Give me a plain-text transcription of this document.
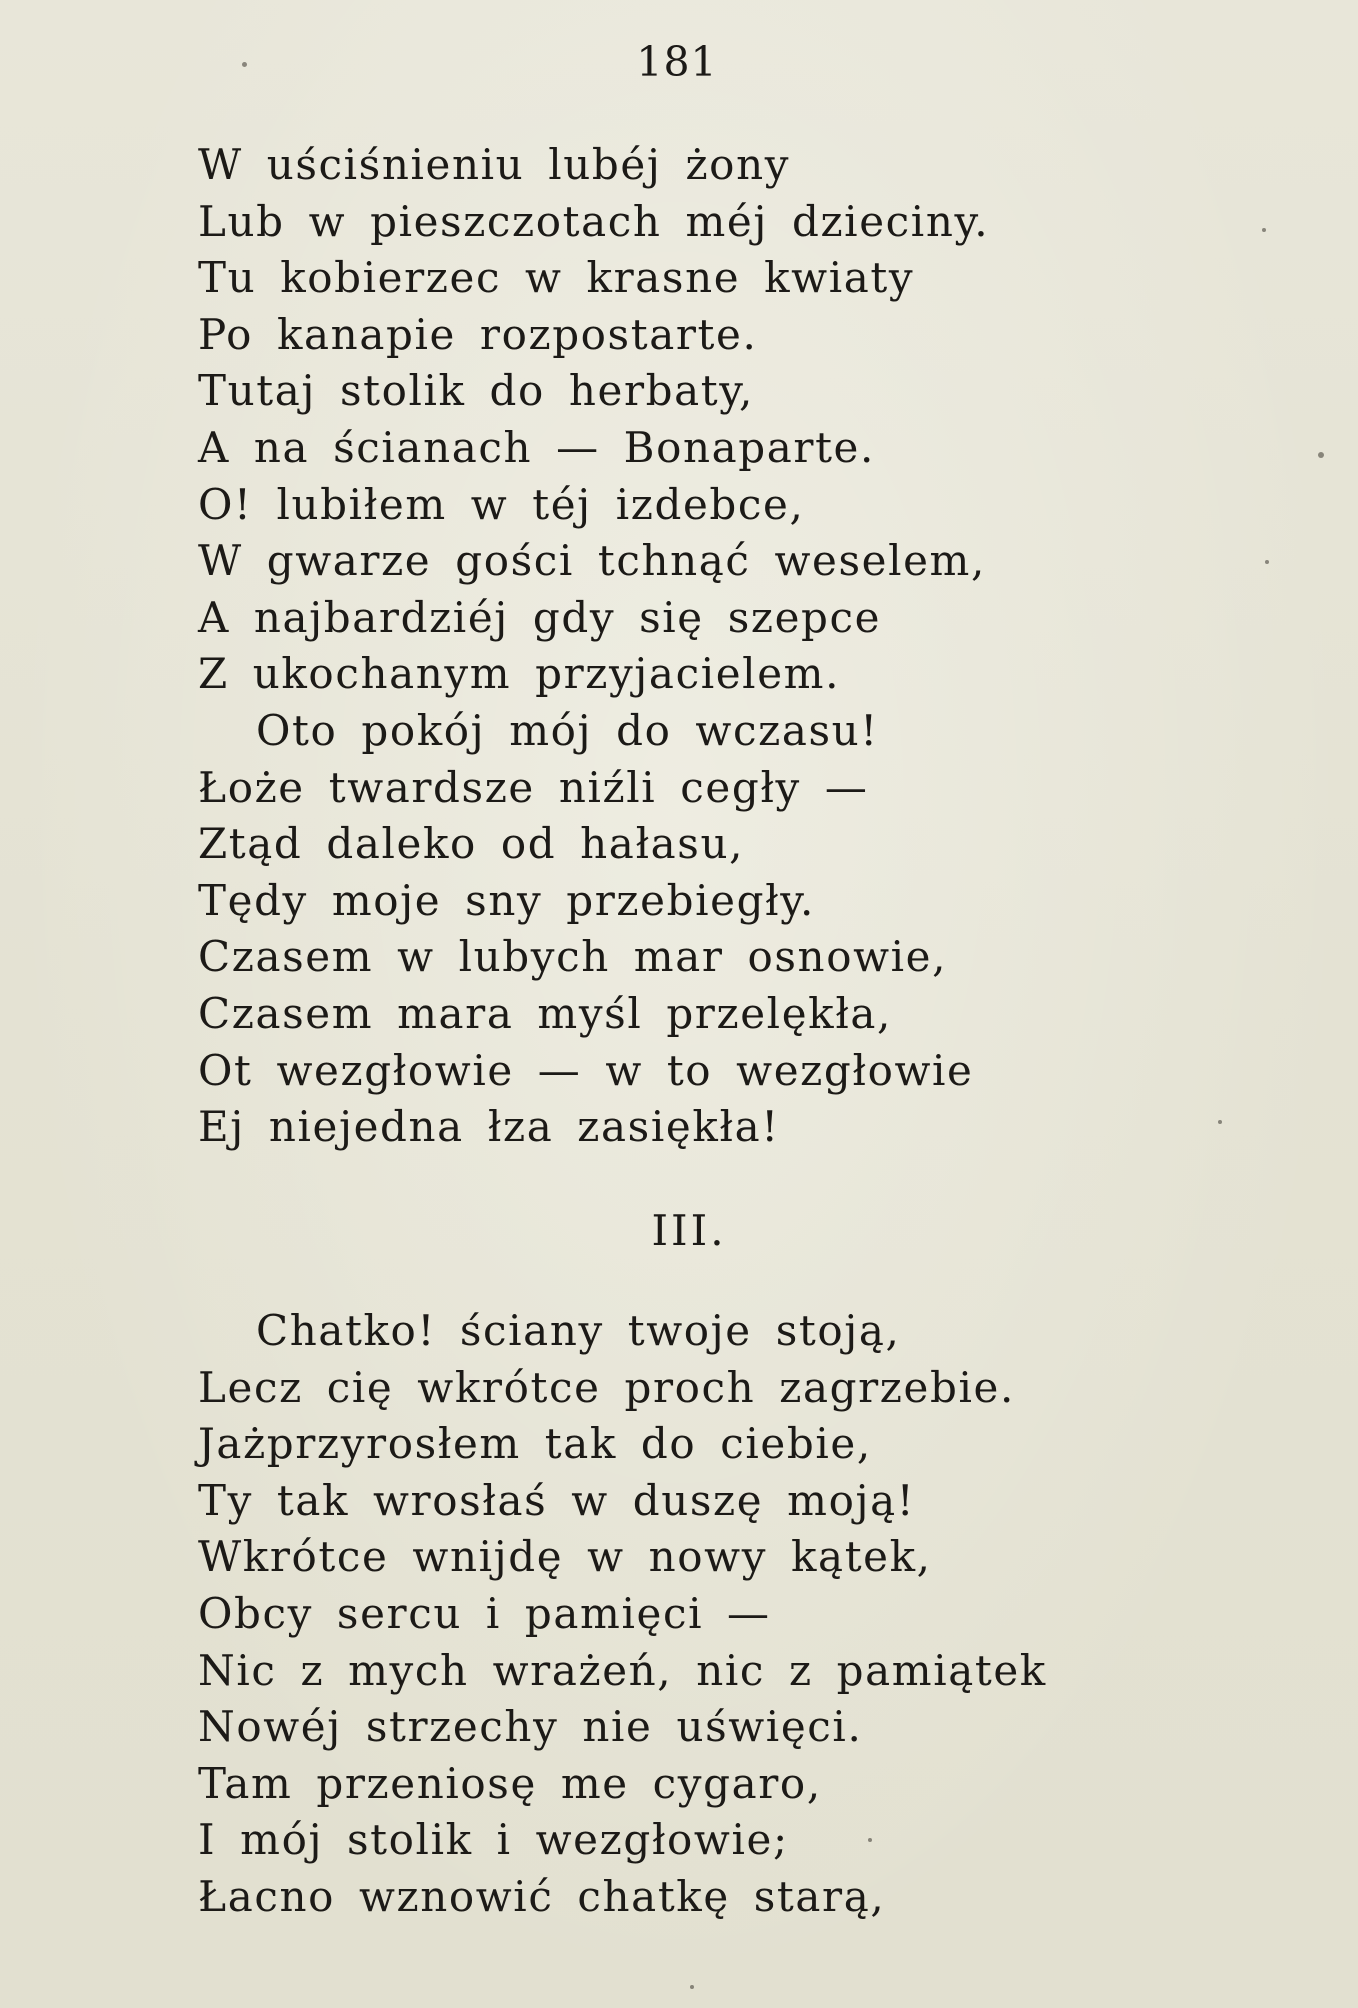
181
W uściśnieniu lubéj żony
Lub w pieszczotach méj dzieciny.
Tu kobierzec w krasne kwiaty
Po kanapie rozpostarte.
Tutaj stolik do herbaty,
A na ścianach — Bonaparte.
O! lubiłem w téj izdebce,
W gwarze gości tchnąć weselem,
A najbardziéj gdy się szepce
Z ukochanym przyjacielem.
Oto pokój mój do wczasu!
Łoże twardsze niźli cegły —
Ztąd daleko od hałasu,
Tędy moje sny przebiegły.
Czasem w lubych mar osnowie,
Czasem mara myśl przelękła,
Ot wezgłowie — w to wezgłowie
Ej niejedna łza zasiękła!
III.
Chatko! ściany twoje stoją,
Lecz cię wkrótce proch zagrzebie.
Jażprzyrosłem tak do ciebie,
Ty tak wrosłaś w duszę moją!
Wkrótce wnijdę w nowy kątek,
Obcy sercu i pamięci —
Nic z mych wrażeń, nic z pamiątek
Nowéj strzechy nie uświęci.
Tam przeniosę me cygaro,
I mój stolik i wezgłowie;
Łacno wznowić chatkę starą,
